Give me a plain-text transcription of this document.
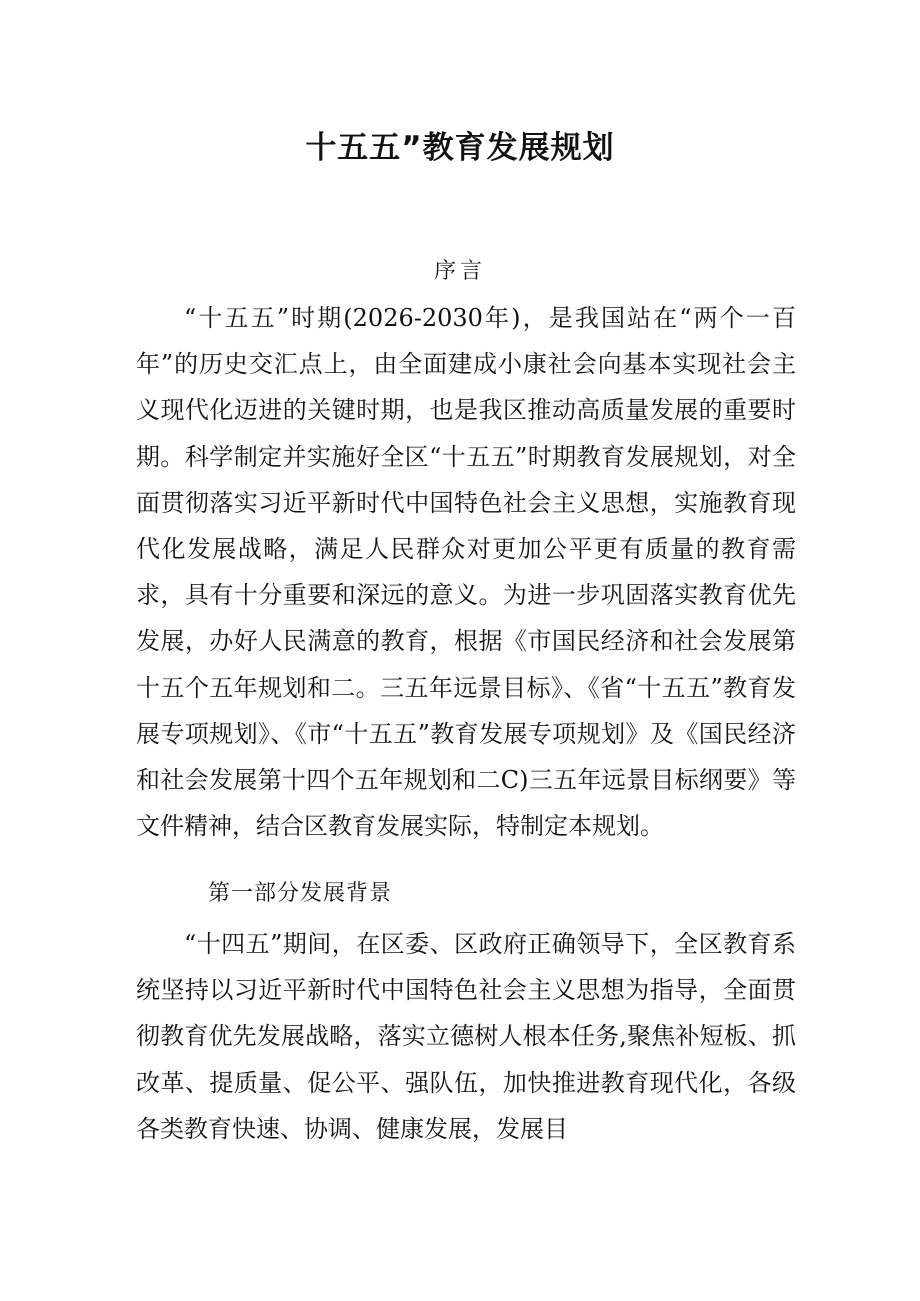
十五五”教育发展规划
序言

“十五五”时期(2026-2030年)，是我国站在“两个一百年”的历史交汇点上，由全面建成小康社会向基本实现社会主义现代化迈进的关键时期，也是我区推动高质量发展的重要时期。科学制定并实施好全区“十五五”时期教育发展规划，对全面贯彻落实习近平新时代中国特色社会主义思想，实施教育现代化发展战略，满足人民群众对更加公平更有质量的教育需求，具有十分重要和深远的意义。为进一步巩固落实教育优先发展，办好人民满意的教育，根据《市国民经济和社会发展第十五个五年规划和二。三五年远景目标》、《省“十五五”教育发展专项规划》、《市“十五五”教育发展专项规划》及《国民经济和社会发展第十四个五年规划和二C)三五年远景目标纲要》等文件精神，结合区教育发展实际，特制定本规划。

第一部分发展背景

“十四五”期间，在区委、区政府正确领导下，全区教育系统坚持以习近平新时代中国特色社会主义思想为指导，全面贯彻教育优先发展战略，落实立德树人根本任务,聚焦补短板、抓改革、提质量、促公平、强队伍，加快推进教育现代化，各级各类教育快速、协调、健康发展，发展目
